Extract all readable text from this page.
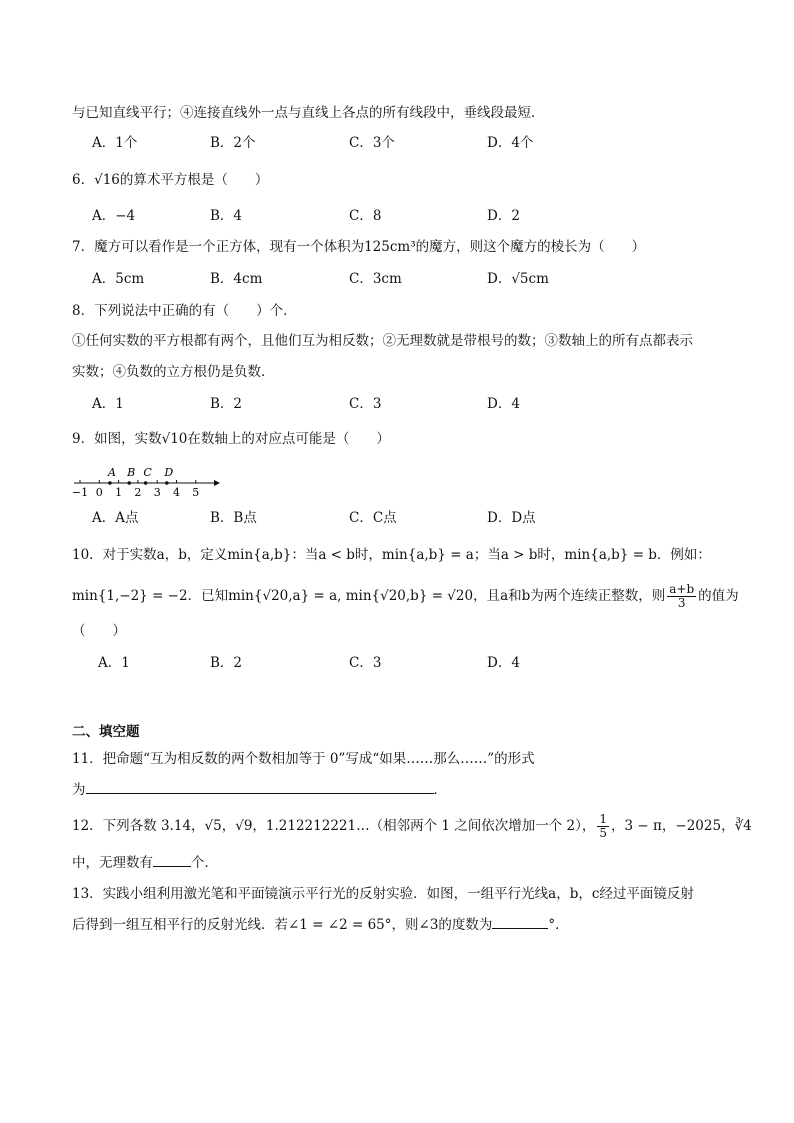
与已知直线平行；④连接直线外一点与直线上各点的所有线段中，垂线段最短．
A．1个	B．2个	C．3个	D．4个
6．√16的算术平方根是（　　）
A．−4	B．4	C．8	D．2
7．魔方可以看作是一个正方体，现有一个体积为125cm³的魔方，则这个魔方的棱长为（　　）
A．5cm	B．4cm	C．3cm	D．√5cm
8．下列说法中正确的有（　　）个．
①任何实数的平方根都有两个，且他们互为相反数；②无理数就是带根号的数；③数轴上的所有点都表示
实数；④负数的立方根仍是负数．
A．1	B．2	C．3	D．4
9．如图，实数√10在数轴上的对应点可能是（　　）
−1 0 1 2 3 4 5
A B C D
A．A点	B．B点	C．C点	D．D点
10．对于实数a，b，定义min{a,b}：当a < b时，min{a,b} = a；当a > b时，min{a,b} = b．例如：
min{1,−2} = −2．已知min{√20,a} = a, min{√20,b} = √20，且a和b为两个连续正整数，则 $\frac{a+b}{3}$ 的值为
（　　）
A．1	B．2	C．3	D．4
二、填空题
11．把命题“互为相反数的两个数相加等于 0”写成“如果……那么……”的形式
为	．
12．下列各数 3.14，√5，√9，1.212212221…（相邻两个 1 之间依次增加一个 2）， $\frac{1}{5}$ ，3 − π，−2025，∛4
中，无理数有	个．
13．实践小组利用激光笔和平面镜演示平行光的反射实验．如图，一组平行光线a，b，c经过平面镜反射
后得到一组互相平行的反射光线．若∠1 = ∠2 = 65°，则∠3的度数为	°．
